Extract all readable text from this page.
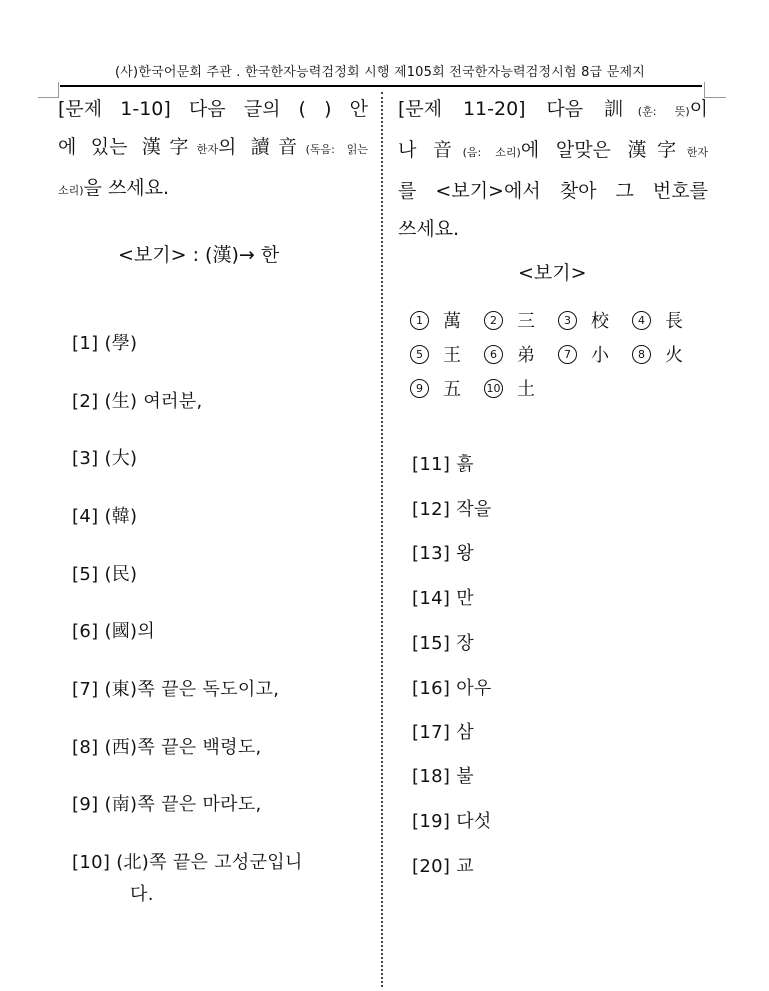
(사)한국어문회 주관 . 한국한자능력검정회 시행 제105회 전국한자능력검정시험 8급 문제지
[문제 1-10] 다음 글의 ( ) 안
에 있는 漢字한자의 讀音(독음: 읽는
소리)을 쓰세요.
<보기> : (漢)→ 한
[1] (學)
[2] (生) 여러분,
[3] (大)
[4] (韓)
[5] (民)
[6] (國)의
[7] (東)쪽 끝은 독도이고,
[8] (西)쪽 끝은 백령도,
[9] (南)쪽 끝은 마라도,
[10] (北)쪽 끝은 고성군입니
다.
[문제 11-20] 다음 訓(훈: 뜻)이
나 音(음: 소리)에 알맞은 漢字한자
를 <보기>에서 찾아 그 번호를
쓰세요.
<보기>
1	萬	2	三	3	校	4	長
5	王	6	弟	7	小	8	火
9	五 10 土
[11] 흙
[12] 작을
[13] 왕
[14] 만
[15] 장
[16] 아우
[17] 삼
[18] 불
[19] 다섯
[20] 교
